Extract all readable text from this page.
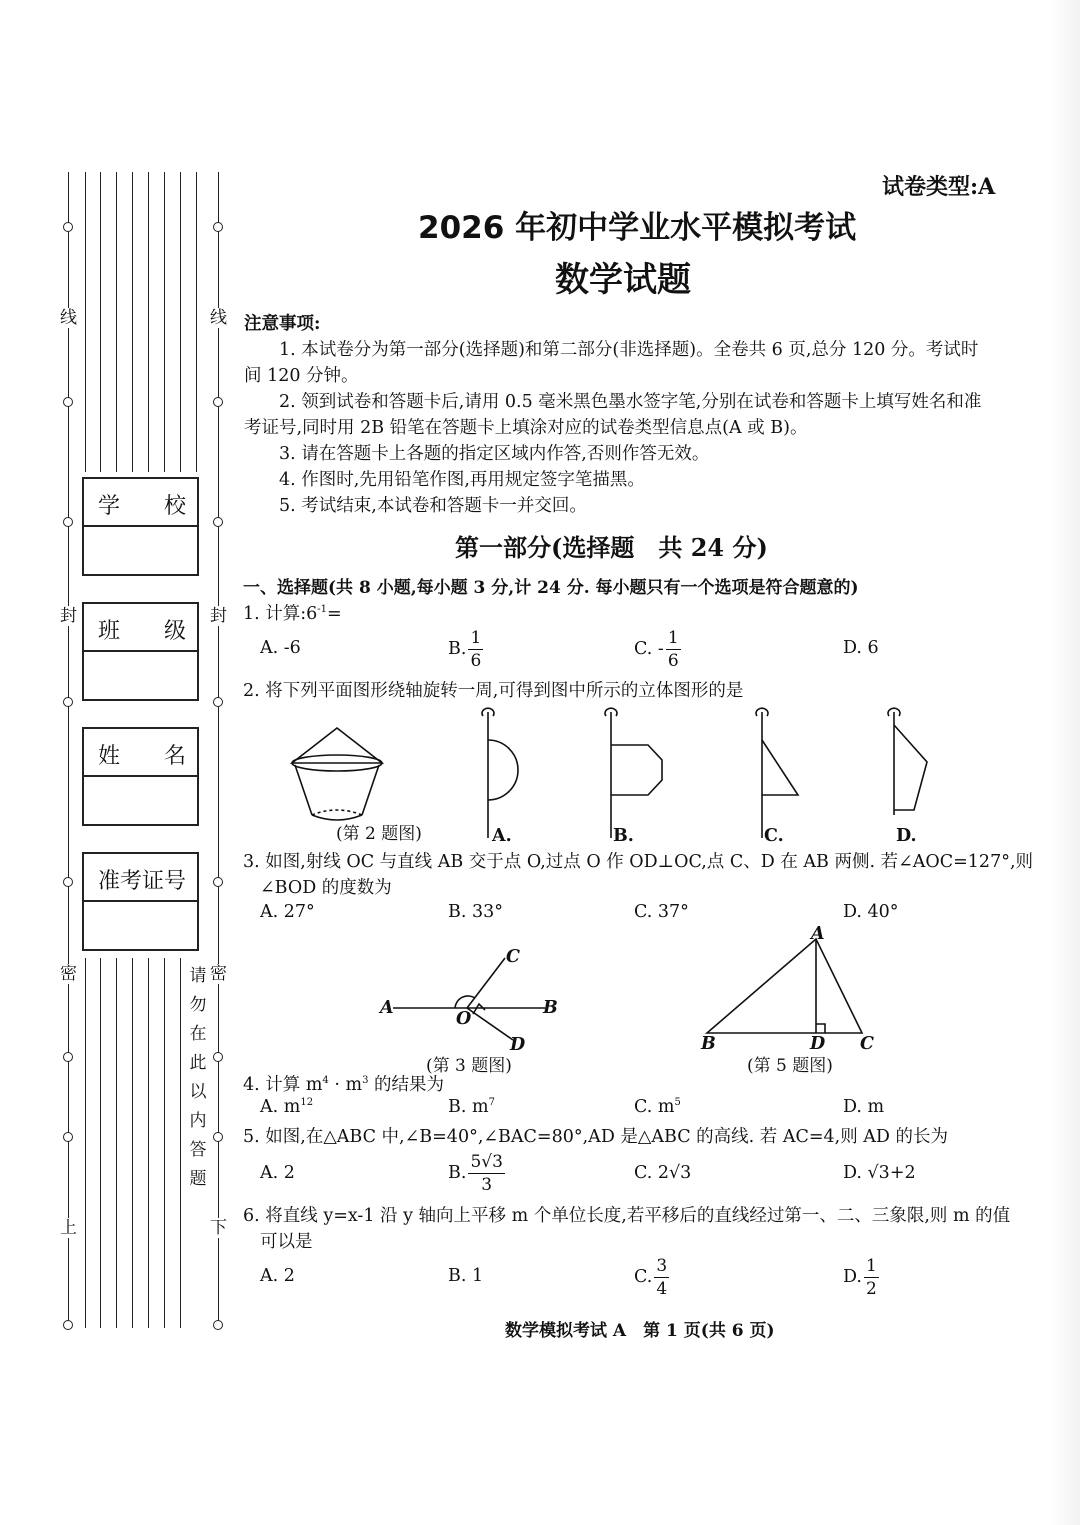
线
封
密
上
线
封
密
下
请勿在此以内答题
学　　校
班　　级
姓　　名
准考证号
试卷类型:A
2026 年初中学业水平模拟考试
数学试题
注意事项:
1. 本试卷分为第一部分(选择题)和第二部分(非选择题)。全卷共 6 页,总分 120 分。考试时
间 120 分钟。
2. 领到试卷和答题卡后,请用 0.5 毫米黑色墨水签字笔,分别在试卷和答题卡上填写姓名和准
考证号,同时用 2B 铅笔在答题卡上填涂对应的试卷类型信息点(A 或 B)。
3. 请在答题卡上各题的指定区域内作答,否则作答无效。
4. 作图时,先用铅笔作图,再用规定签字笔描黑。
5. 考试结束,本试卷和答题卡一并交回。
第一部分(选择题　共 24 分)
一、选择题(共 8 小题,每小题 3 分,计 24 分. 每小题只有一个选项是符合题意的)
1. 计算$:6^{-1}=$
A. -6	B. $\frac{1}{6}$	C. - $\frac{1}{6}$	D. 6
2. 将下列平面图形绕轴旋转一周,可得到图中所示的立体图形的是
(第 2 题图)	A.	B.	C.	D.
3. 如图,射线 OC 与直线 AB 交于点 O,过点 O 作 OD⊥OC,点 C、D 在 AB 两侧. 若∠AOC=127°,则
∠BOD 的度数为
A. 27°	B. 33°	C. 37°	D. 40°
A	B
C
D
O
(第 3 题图)
A
B	D C
(第 5 题图)
4. 计算 $m^4 \cdot m^3$ 的结果为
A. $m^{12}$	B. $m^7$	C. $m^5$	D. m
5. 如图,在△ABC 中,∠B=40°,∠BAC=80°,AD 是△ABC 的高线. 若 AC=4,则 AD 的长为
A. 2	B. $\frac{5√3}{3}$	C. 2√3	D. √3+2
6. 将直线 y=x-1 沿 y 轴向上平移 m 个单位长度,若平移后的直线经过第一、二、三象限,则 m 的值
可以是
A. 2	B. 1	C. $\frac{3}{4}$	D. $\frac{1}{2}$
数学模拟考试 A　第 1 页(共 6 页)
